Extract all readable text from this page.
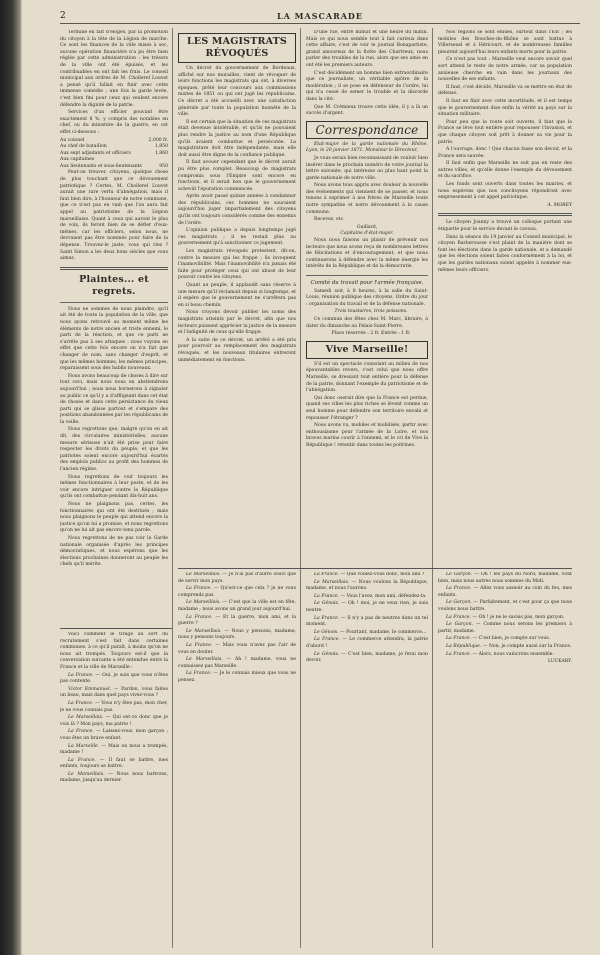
2	LA MASCARADE

Terminé en fait d'éloges, par la promotion du citoyen à la tête de la Légion de marche. Ce sont les finances de la ville mises à sec, aucune opération financière n'a pu être bien réglée par cette administration : les trésors de la ville ont été épuisés, et les contribuables en ont fait les frais. Le conseil municipal aux ordres de M. Chollerel Louvet a pensé qu'il fallait en finir avec cette immense comédie ; une fois la garde levée, c'est bien fini pour ceux qui veulent encore défendre la dignité de la patrie.

Services d'un officier pouvant être exactement 8 %, y compris des notables en chef, ou du ministère de la guerre, en cet effet ci-dessous :

Au colonel	2,000 fr.
Au chef de bataillon	1,850
Aux sept adjudants et officiers	1,860
Aux capitaines
Aux lieutenants et sous-lieutenants	950

Peut-on trouver, citoyens, quelque chose de plus touchant que ce dévouement patriotique ? Certes, M. Chollerel Louvet aurait une rare vertu d'abnégation, mais il faut bien dire, à l'honneur de notre commune, que ce n'est pas en vain que l'on aura fait appel au patriotisme de la Légion marseillaise. Quant à ceux qui auront le plus de voix, ils feront bien de se défier d'eux-mêmes, car les officiers, selon nous, ne devraient pas être nommés pour faire de la dépense. Trouvez-le juste, vous qui riez ? Saint Simon a les deux bons siècles que vous aimez.

Plaintes... et regrets.

Nous ne sommes de nous plaindre, qu'il ait été de toute la population de la ville, que nous ayons retrouvé au moment même les éléments de notre ancien et triste ennemi, le parti de la réaction, et que ce parti ne s'arrête pas à ses attaques : nous voyons en effet que cette fois encore on n'a fait que changer de nom, sans changer d'esprit, et que les mêmes hommes, les mêmes principes, reparaissent sous des habits nouveaux.

Nous avons beaucoup de choses à dire sur tout ceci, mais nous nous en abstiendrons aujourd'hui ; nous nous bornerons à signaler au public ce qu'il y a d'affligeant dans cet état de choses et dans cette persistance du vieux parti qui se glisse partout et s'empare des positions abandonnées par les républicains de la veille.

Nous regrettons que, malgré qu'on en ait dit, des circulaires ministérielles, aucune mesure sérieuse n'ait été prise pour faire respecter les droits du peuple, et que les patriotes soient encore aujourd'hui écartés des emplois publics au profit des hommes de l'ancien régime.

Nous regrettons de voir toujours les mêmes fonctionnaires à leur poste, et de les voir encore intriguer contre la République qu'ils ont combattue pendant dix-huit ans.

Nous ne plaignons pas, certes, les fonctionnaires qui ont été destitués ; mais nous plaignons le peuple qui attend encore la justice qu'on lui a promise, et nous regrettons qu'on ne lui ait pas encore tenu parole.

Nous regrettons de ne pas voir la Garde nationale organisée d'après les principes démocratiques, et nous espérons que les élections prochaines donneront au peuple les chefs qu'il mérite.

LES MAGISTRATS RÉVOQUÉS

Un décret du gouvernement de Bordeaux, affiché sur nos murailles, vient de révoquer de leurs fonctions les magistrats qui ont, à diverses époques, prêté leur concours aux commissions mixtes de 1851 ou qui ont jugé les républicains. Ce décret a été accueilli avec une satisfaction générale par toute la population honnête de la ville.

Il est certain que la situation de ces magistrats était devenue intolérable, et qu'ils ne pouvaient plus rendre la justice au nom d'une République qu'ils avaient combattue et persécutée. La magistrature doit être indépendante, mais elle doit aussi être digne de la confiance publique.

Il faut avouer cependant que le décret aurait pu être plus complet. Beaucoup de magistrats compromis sous l'Empire sont encore en fonctions, et il serait bon que le gouvernement achevât l'épuration commencée.

Après avoir passé quinze années à condamner des républicains, ces hommes ne sauraient aujourd'hui juger impartialement des citoyens qu'ils ont toujours considérés comme des ennemis de l'ordre.

L'opinion publique a depuis longtemps jugé ces magistrats ; il ne restait plus au gouvernement qu'à sanctionner ce jugement.

Les magistrats révoqués protestent, dit-on, contre la mesure qui les frappe ; ils invoquent l'inamovibilité. Mais l'inamovibilité n'a jamais été faite pour protéger ceux qui ont abusé de leur pouvoir contre les citoyens.

Quant au peuple, il applaudit sans réserve à une mesure qu'il réclamait depuis si longtemps, et il espère que le gouvernement ne s'arrêtera pas en si beau chemin.

Nous croyons devoir publier les noms des magistrats atteints par le décret, afin que nos lecteurs puissent apprécier la justice de la mesure et l'indignité de ceux qu'elle frappe.

A la suite de ce décret, un arrêté a été pris pour pourvoir au remplacement des magistrats révoqués, et les nouveaux titulaires entreront immédiatement en fonctions.

D'une rue, entre minuit et une heure du matin. Mais ce qui nous semble tout à fait curieux dans cette affaire, c'est de voir le journal Bonapartiste, grand amoureux de la flotte des Chartreux, nous parler des troubles de la rue, alors que ses amis en ont été les premiers auteurs.

C'est décidément un homme bien extraordinaire que ce journaliste, un véritable apôtre de la modération ; il se pose en défenseur de l'ordre, lui qui n'a cessé de semer le trouble et la discorde dans la cité.

Que M. Crémieux trouve cette idée, il y a là un succès d'argent.

Correspondance

Etat-major de la garde nationale du Rhône. Lyon, le 20 janvier 1871. Monsieur le Directeur,

Je vous serais bien reconnaissant de vouloir bien insérer dans le prochain numéro de votre journal la lettre suivante, qui intéresse au plus haut point la garde nationale de notre ville.

Nous avons tous appris avec douleur la nouvelle des événements qui viennent de se passer, et nous tenons à exprimer à nos frères de Marseille toute notre sympathie et notre dévouement à la cause commune.

Recevez, etc.

Guillard,
Capitaine d'état-major.

Nous nous faisons un plaisir de prévenir nos lecteurs que nous avons reçu de nombreuses lettres de félicitations et d'encouragement, et que nous continuerons à défendre avec la même énergie les intérêts de la République et de la démocratie.

Comité du travail pour l'armée française.

Samedi soir, à 8 heures, à la salle du Saint-Louis, réunion publique des citoyens. Ordre du jour : organisation du travail et de la défense nationale.

Trois toustaires, trois poissons.

Ce commun des fêtes chez M. Marc, libraire, à dater du dimanche au Palais-Saint-Pierre.

Place réservée : 2 fr. Entrée : 1 fr.

Vive Marseille!

S'il est un spectacle consolant au milieu de nos épouvantables revers, c'est celui que nous offre Marseille, se dressant tout entière pour la défense de la patrie, donnant l'exemple du patriotisme et de l'abnégation.

Qui donc oserait dire que la France est perdue, quand ses villes les plus riches se lèvent comme un seul homme pour défendre son territoire envahi et repousser l'étranger ?

Nous avons vu, mobiles et mobilisés, partir avec enthousiasme pour l'armée de la Loire, et nos braves marins courir à l'ennemi, et le cri de Vive la République ! retentir dans toutes les poitrines.

Nos régions se sont émues, surtout dans l'Est ; les mobiles des Bouches-du-Rhône se sont battus à Villersexel et à Héricourt, et de nombreuses familles pleurent aujourd'hui leurs enfants morts pour la patrie.

Ce n'est pas tout : Marseille veut encore savoir quel sort attend le reste de notre armée, car sa population anxieuse cherche en vain dans les journaux des nouvelles de ses enfants.

Il faut, c'est décidé, Marseille va se mettre en état de défense.

Il faut en finir avec cette incertitude, et il est temps que le gouvernement dise enfin la vérité au pays sur la situation militaire.

Pour peu que la route soit ouverte, il faut que la France se lève tout entière pour repousser l'invasion, et que chaque citoyen soit prêt à donner sa vie pour la patrie.

A l'ouvrage, donc ! Que chacun fasse son devoir, et la France sera sauvée.

Il faut enfin que Marseille ne soit pas en reste des autres villes, et qu'elle donne l'exemple du dévouement et du sacrifice.

Les fonds sont ouverts dans toutes les mairies, et nous espérons que nos concitoyens répondront avec empressement à cet appel patriotique.

A. MOREY

Le citoyen Joanny a trouvé un colloque portant une étiquette pour le service devant le caveau.

Dans la séance du 19 janvier au Conseil municipal, le citoyen Barberousse s'est plaint de la manière dont se font les élections dans la garde nationale, et a demandé que les élections soient faites conformément à la loi, et que les gardes nationaux soient appelés à nommer eux-mêmes leurs officiers.

Voici comment le tirage au sort du recrutement s'est fait dans certaines communes, à ce qu'il paraît, à moins qu'on ne nous ait trompés. Toujours est-il que la conversation suivante a été entendue entre la France et la ville de Marseille :

La France. — Oui, je suis que vous n'êtes pas contente.

Victor Emmanuel. — Pardon, vous faites un beau, mais dans quel pays vivez-vous ?

La France. — Vous n'y êtes pas, mon cher, je ne vous connais pas.

Le Marseillais. — Qui est-ce donc que je vois là ? Mon pays, ma patrie !

La France. — Laissez-vous, mon garçon ; vous êtes un brave enfant.

La Marseille. — Mais on nous a trompés, madame !

La France. — Il faut se battre, mes enfants, toujours se battre.

Le Marseillais. — Nous nous battrons, madame, jusqu'au dernier.

Le Marseillais. — Je n'ai pas d'autre souci que de servir mon pays.

La France. — Qu'est-ce que cela ? je ne vous comprends pas.

Le Marseillais. — C'est que la ville est en fête, madame ; nous avons un grand jour aujourd'hui.

La France. — Et la guerre, mon ami, et la guerre ?

Le Marseillais. — Nous y pensons, madame, nous y pensons toujours.

La France. — Mais vous n'avez pas l'air de vous en douter.

Le Marseillais. — Ah ! madame, vous ne connaissez pas Marseille.

La France. — Je le connais mieux que vous ne pensez.

La France. — Que voulez-vous donc, mon ami ?

Le Marseillais. — Nous voulons la République, madame, et nous l'aurons.

La France. — Vous l'avez, mon ami, défendez-la.

Le Génois. — Oh ! moi, je ne veux rien, je suis neutre.

La France. — Il n'y a pas de neutres dans un tel moment.

Le Génois. — Pourtant, madame, le commerce...

La France. — Le commerce attendra, la patrie d'abord !

Le Génois. — C'est bien, madame, je ferai mon devoir.

Le Garçon. — Oh ! les pays du Nord, madame, vont bien, mais nous autres nous sommes du Midi.

La France. — Allez vous asseoir au coin du feu, mes enfants.

Le Garçon. — Parfaitement, et c'est pour ça que nous voulons nous battre.

La France. — Oh ! je ne le savais pas, mon garçon.

Le Garçon. — Comme nous serons les premiers à partir, madame.

La France. — C'est bien, je compte sur vous.

La République. — Non, je compte aussi sur la France.

La France. — Alors, nous vaincrons ensemble.

LUCKARY.
